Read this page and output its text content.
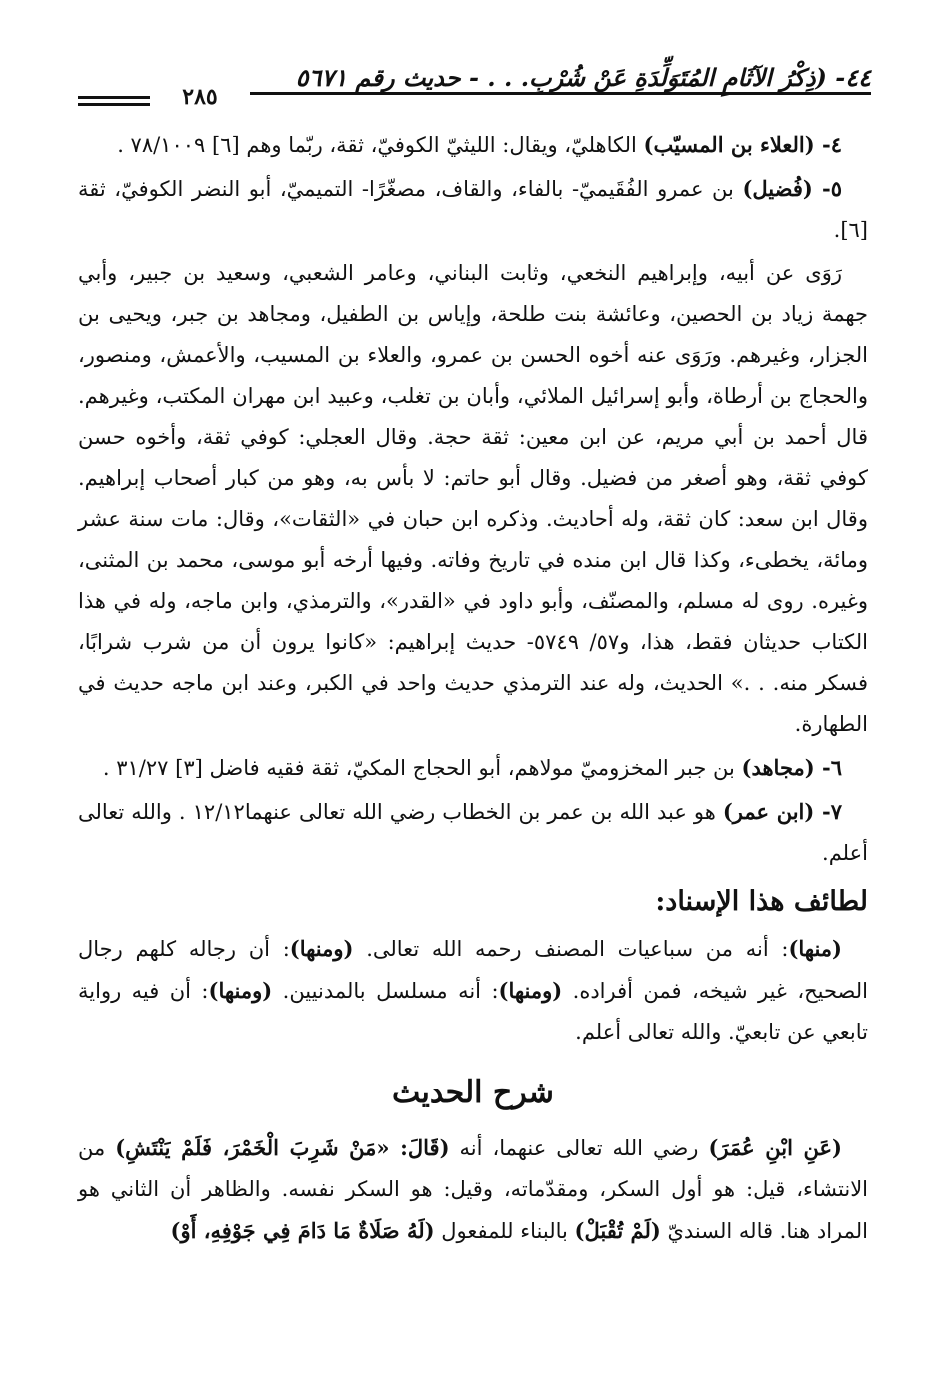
٤٤- (ذِكْرُ الآثَامِ المُتَوَلِّدَةِ عَنْ شُرْبِ. . . - حديث رقم ٥٦٧١
٢٨٥

٤- (العلاء بن المسيّب) الكاهليّ، ويقال: الليثيّ الكوفيّ، ثقة، ربّما وهم [٦] ٧٨/١٠٠٩ .

٥- (فُضيل) بن عمرو الفُقَيميّ- بالفاء، والقاف، مصغّرًا- التميميّ، أبو النضر الكوفيّ، ثقة [٦].

رَوَى عن أبيه، وإبراهيم النخعي، وثابت البناني، وعامر الشعبي، وسعيد بن جبير، وأبي جهمة زياد بن الحصين، وعائشة بنت طلحة، وإياس بن الطفيل، ومجاهد بن جبر، ويحيى بن الجزار، وغيرهم. ورَوَى عنه أخوه الحسن بن عمرو، والعلاء بن المسيب، والأعمش، ومنصور، والحجاج بن أرطاة، وأبو إسرائيل الملائي، وأبان بن تغلب، وعبيد ابن مهران المكتب، وغيرهم. قال أحمد بن أبي مريم، عن ابن معين: ثقة حجة. وقال العجلي: كوفي ثقة، وأخوه حسن كوفي ثقة، وهو أصغر من فضيل. وقال أبو حاتم: لا بأس به، وهو من كبار أصحاب إبراهيم. وقال ابن سعد: كان ثقة، وله أحاديث. وذكره ابن حبان في «الثقات»، وقال: مات سنة عشر ومائة، يخطىء، وكذا قال ابن منده في تاريخ وفاته. وفيها أرخه أبو موسى، محمد بن المثنى، وغيره. روى له مسلم، والمصنّف، وأبو داود في «القدر»، والترمذي، وابن ماجه، وله في هذا الكتاب حديثان فقط، هذا، و٥٧/ ٥٧٤٩- حديث إبراهيم: «كانوا يرون أن من شرب شرابًا، فسكر منه. . .» الحديث، وله عند الترمذي حديث واحد في الكبر، وعند ابن ماجه حديث في الطهارة.

٦- (مجاهد) بن جبر المخزوميّ مولاهم، أبو الحجاج المكيّ، ثقة فقيه فاضل [٣] ٣١/٢٧ .

٧- (ابن عمر) هو عبد الله بن عمر بن الخطاب رضي الله تعالى عنهما١٢/١٢ . والله تعالى أعلم.

لطائف هذا الإسناد:

(منها): أنه من سباعيات المصنف رحمه الله تعالى. (ومنها): أن رجاله كلهم رجال الصحيح، غير شيخه، فمن أفراده. (ومنها): أنه مسلسل بالمدنيين. (ومنها): أن فيه رواية تابعي عن تابعيّ. والله تعالى أعلم.

شرح الحديث

(عَنِ ابْنِ عُمَرَ) رضي الله تعالى عنهما، أنه (قَالَ: «مَنْ شَرِبَ الْخَمْرَ، فَلَمْ يَنْتَشِ) من الانتشاء، قيل: هو أول السكر، ومقدّماته، وقيل: هو السكر نفسه. والظاهر أن الثاني هو المراد هنا. قاله السنديّ (لَمْ تُقْبَلْ) بالبناء للمفعول (لَهُ صَلَاةٌ مَا دَامَ فِي جَوْفِهِ، أَوْ)
